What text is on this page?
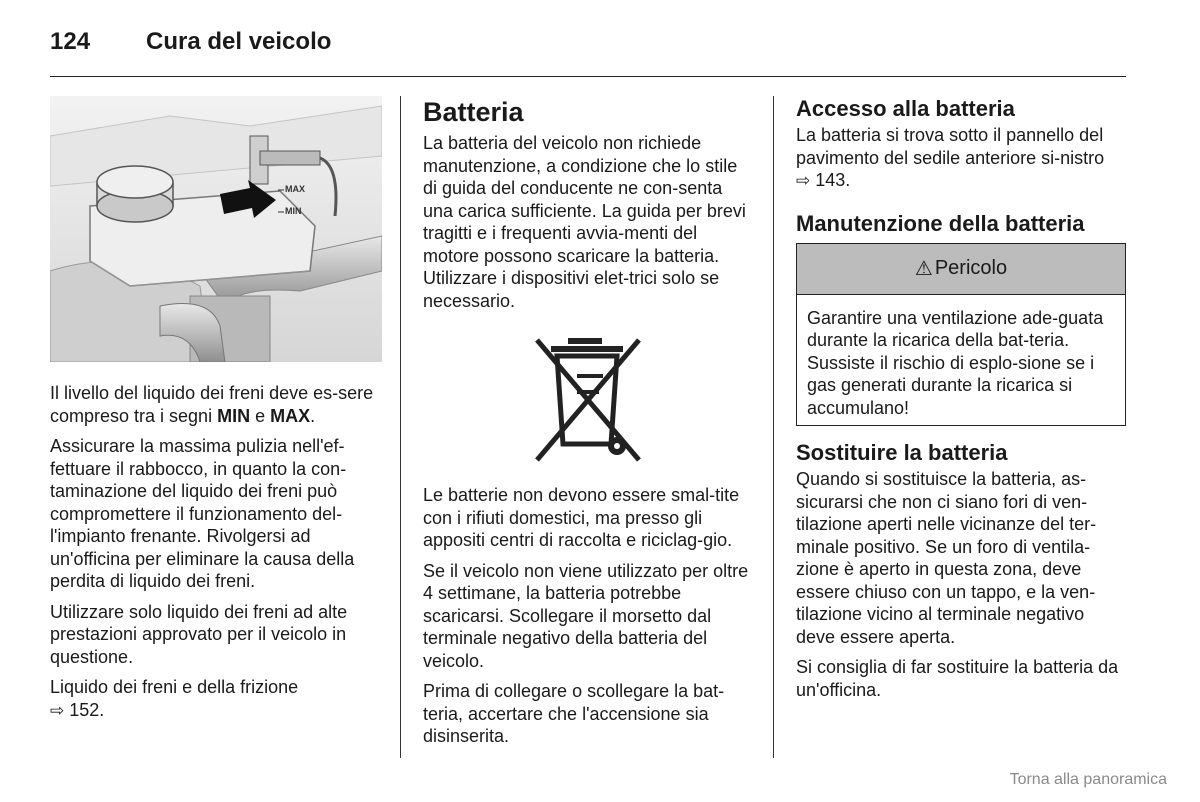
124 Cura del veicolo
MAX
MIN

Il livello del liquido dei freni deve es-sere compreso tra i segni MIN e MAX.

Assicurare la massima pulizia nell'ef-fettuare il rabbocco, in quanto la con-taminazione del liquido dei freni può compromettere il funzionamento del-l'impianto frenante. Rivolgersi ad un'officina per eliminare la causa della perdita di liquido dei freni.

Utilizzare solo liquido dei freni ad alte prestazioni approvato per il veicolo in questione.

Liquido dei freni e della frizione
⇨ 152.

Batteria

La batteria del veicolo non richiede manutenzione, a condizione che lo stile di guida del conducente ne con-senta una carica sufficiente. La guida per brevi tragitti e i frequenti avvia-menti del motore possono scaricare la batteria. Utilizzare i dispositivi elet-trici solo se necessario.

Le batterie non devono essere smal-tite con i rifiuti domestici, ma presso gli appositi centri di raccolta e riciclag-gio.

Se il veicolo non viene utilizzato per oltre 4 settimane, la batteria potrebbe scaricarsi. Scollegare il morsetto dal terminale negativo della batteria del veicolo.

Prima di collegare o scollegare la bat-teria, accertare che l'accensione sia disinserita.

Accesso alla batteria

La batteria si trova sotto il pannello del pavimento del sedile anteriore si-nistro ⇨ 143.

Manutenzione della batteria
⚠ Pericolo

Garantire una ventilazione ade-guata durante la ricarica della bat-teria. Sussiste il rischio di esplo-sione se i gas generati durante la ricarica si accumulano!

Sostituire la batteria

Quando si sostituisce la batteria, as-sicurarsi che non ci siano fori di ven-tilazione aperti nelle vicinanze del ter-minale positivo. Se un foro di ventila-zione è aperto in questa zona, deve essere chiuso con un tappo, e la ven-tilazione vicino al terminale negativo deve essere aperta.

Si consiglia di far sostituire la batteria da un'officina.

Torna alla panoramica
